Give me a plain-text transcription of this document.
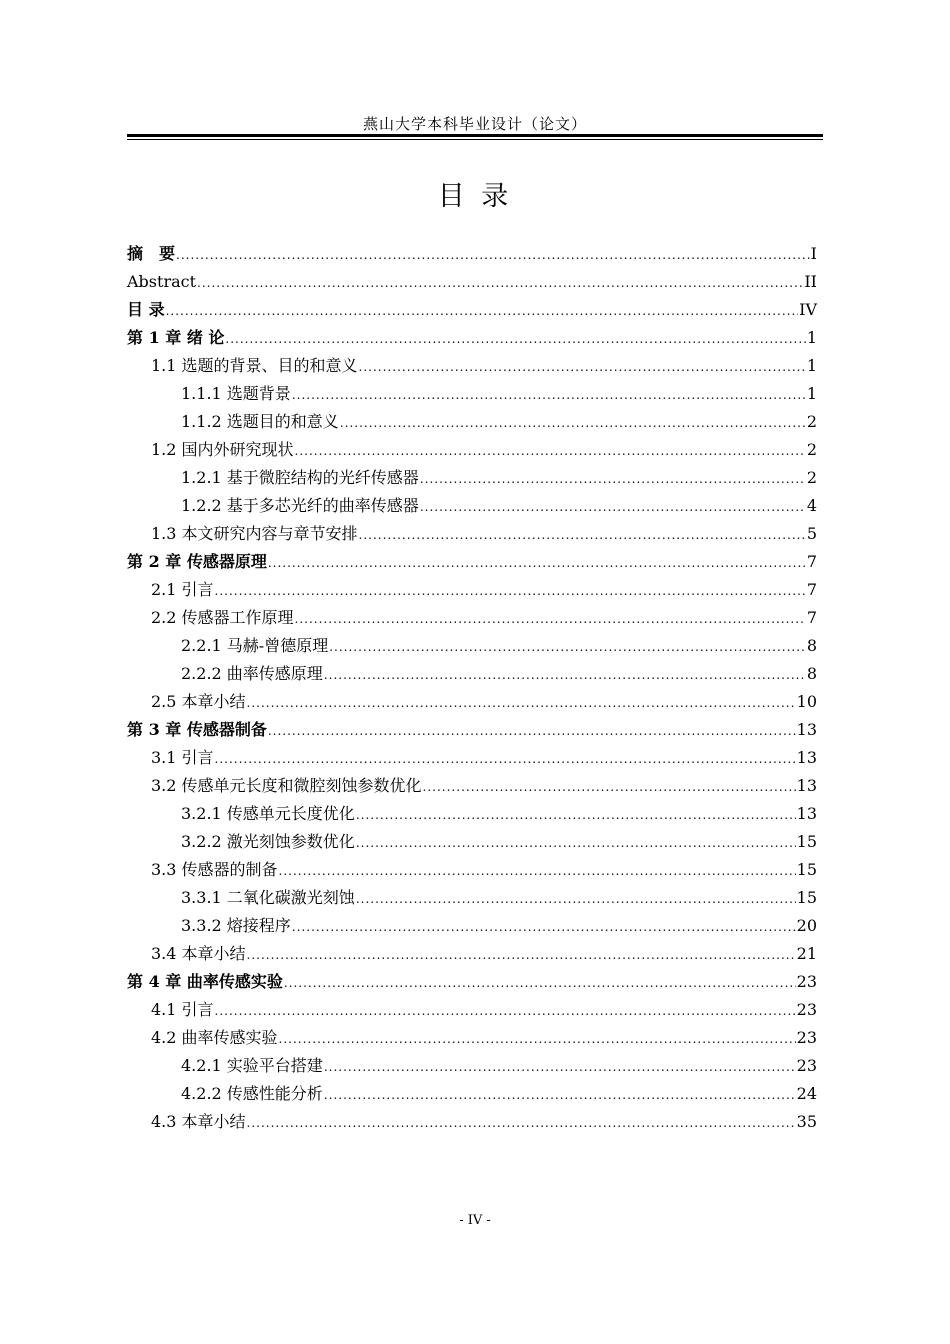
燕山大学本科毕业设计（论文）
目 录
摘　要 .....	I
Abstract .....	II
目 录 .....	IV
第 1 章 绪 论 .....	1
1.1 选题的背景、目的和意义 .....	1
1.1.1 选题背景 .....	1
1.1.2 选题目的和意义 .....	2
1.2 国内外研究现状 .....	2
1.2.1 基于微腔结构的光纤传感器 .....	2
1.2.2 基于多芯光纤的曲率传感器 .....	4
1.3 本文研究内容与章节安排 .....	5
第 2 章 传感器原理 .....	7
2.1 引言 .....	7
2.2 传感器工作原理 .....	7
2.2.1 马赫-曾德原理 .....	8
2.2.2 曲率传感原理 .....	8
2.5 本章小结 .....	10
第 3 章 传感器制备 .....	13
3.1 引言 .....	13
3.2 传感单元长度和微腔刻蚀参数优化 .....	13
3.2.1 传感单元长度优化 .....	13
3.2.2 激光刻蚀参数优化 .....	15
3.3 传感器的制备 .....	15
3.3.1 二氧化碳激光刻蚀 .....	15
3.3.2 熔接程序 .....	20
3.4 本章小结 .....	21
第 4 章 曲率传感实验 .....	23
4.1 引言 .....	23
4.2 曲率传感实验 .....	23
4.2.1 实验平台搭建 .....	23
4.2.2 传感性能分析 .....	24
4.3 本章小结 .....	35
- IV -
